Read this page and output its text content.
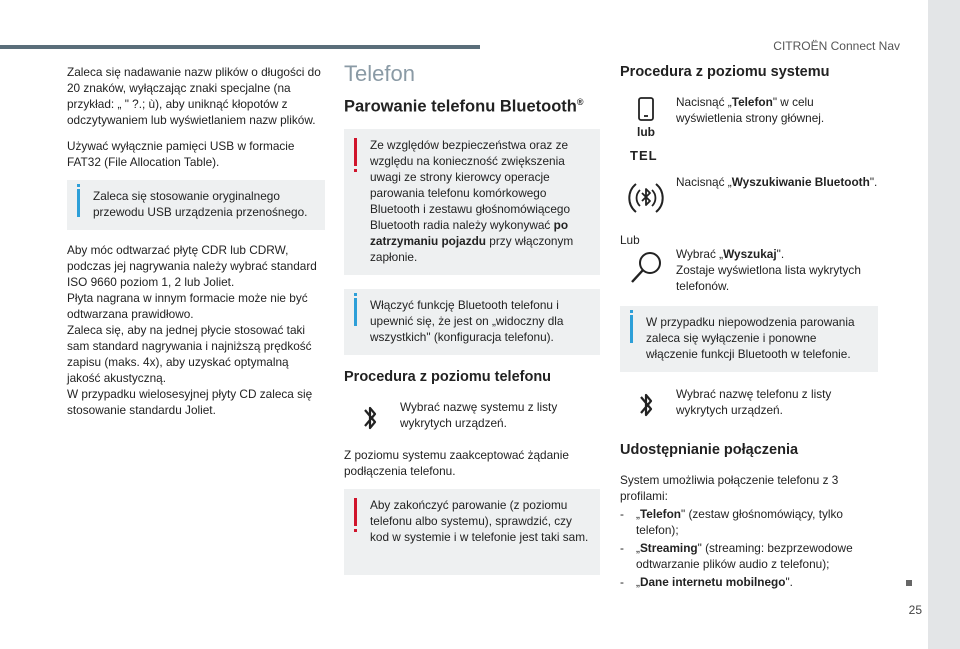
CITROËN Connect Nav
25

Zaleca się nadawanie nazw plików o długości do 20 znaków, wyłączając znaki specjalne (na przykład: „ " ?.; ù), aby uniknąć kłopotów z odczytywaniem lub wyświetlaniem nazw plików.

Używać wyłącznie pamięci USB w formacie FAT32 (File Allocation Table).

Zaleca się stosowanie oryginalnego przewodu USB urządzenia przenośnego.
Aby móc odtwarzać płytę CDR lub CDRW, podczas jej nagrywania należy wybrać standard ISO 9660 poziom 1, 2 lub Joliet.
Płyta nagrana w innym formacie może nie być odtwarzana prawidłowo.
Zaleca się, aby na jednej płycie stosować taki sam standard nagrywania i najniższą prędkość zapisu (maks. 4x), aby uzyskać optymalną jakość akustyczną.
W przypadku wielosesyjnej płyty CD zaleca się stosowanie standardu Joliet.
Telefon
Parowanie telefonu Bluetooth®
Ze względów bezpieczeństwa oraz ze względu na konieczność zwiększenia uwagi ze strony kierowcy operacje parowania telefonu komórkowego Bluetooth i zestawu głośnomówiącego Bluetooth radia należy wykonywać po zatrzymaniu pojazdu przy włączonym zapłonie.
Włączyć funkcję Bluetooth telefonu i upewnić się, że jest on „widoczny dla wszystkich" (konfiguracja telefonu).
Procedura z poziomu telefonu
Wybrać nazwę systemu z listy wykrytych urządzeń.

Z poziomu systemu zaakceptować żądanie podłączenia telefonu.

Aby zakończyć parowanie (z poziomu telefonu albo systemu), sprawdzić, czy kod w systemie i w telefonie jest taki sam.
Procedura z poziomu systemu
lub
Nacisnąć „Telefon" w celu wyświetlenia strony głównej.
TEL
Nacisnąć „Wyszukiwanie Bluetooth".
Lub
Wybrać „Wyszukaj".
Zostaje wyświetlona lista wykrytych telefonów.
W przypadku niepowodzenia parowania zaleca się wyłączenie i ponowne włączenie funkcji Bluetooth w telefonie.
Wybrać nazwę telefonu z listy wykrytych urządzeń.
Udostępnianie połączenia

System umożliwia połączenie telefonu z 3 profilami:

- „Telefon" (zestaw głośnomówiący, tylko telefon);
- „Streaming" (streaming: bezprzewodowe odtwarzanie plików audio z telefonu);
- „Dane internetu mobilnego".
